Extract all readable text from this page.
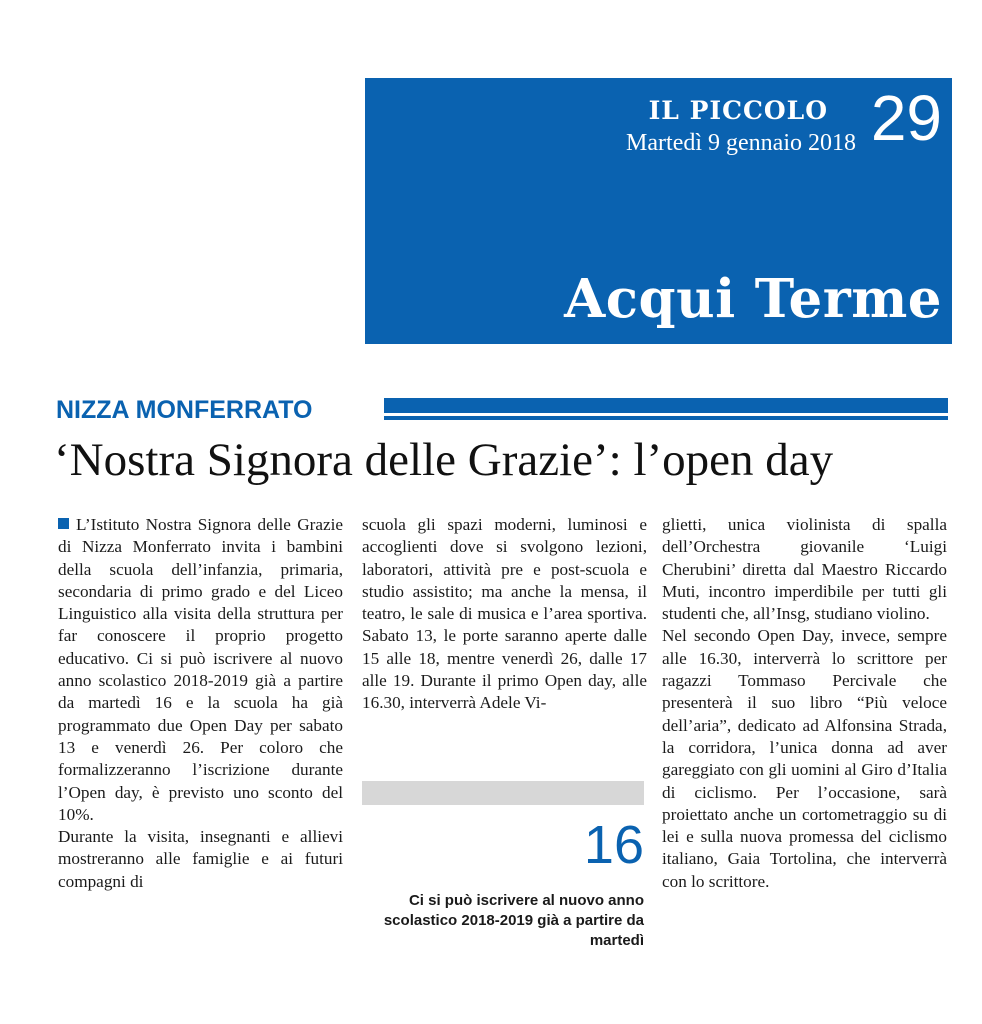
IL PICCOLO
Martedì 9 gennaio 2018 29
Acqui Terme
NIZZA MONFERRATO
‘Nostra Signora delle Grazie’: l’open day

L’Istituto Nostra Signora delle Grazie di Nizza Monferrato invita i bambini della scuola dell’infanzia, primaria, secondaria di primo grado e del Liceo Linguistico alla visita della struttura per far conoscere il proprio progetto educativo. Ci si può iscrivere al nuovo anno scolastico 2018-2019 già a partire da martedì 16 e la scuola ha già programmato due Open Day per sabato 13 e venerdì 26. Per coloro che formalizzeranno l’iscrizione durante l’Open day, è previsto uno sconto del 10%.

Durante la visita, insegnanti e allievi mostreranno alle famiglie e ai futuri compagni di

scuola gli spazi moderni, luminosi e accoglienti dove si svolgono lezioni, laboratori, attività pre e post-scuola e studio assistito; ma anche la mensa, il teatro, le sale di musica e l’area sportiva. Sabato 13, le porte saranno aperte dalle 15 alle 18, mentre venerdì 26, dalle 17 alle 19. Durante il primo Open day, alle 16.30, interverrà Adele Vi-

16
Ci si può iscrivere al nuovo anno scolastico 2018-2019 già a partire da martedì

glietti, unica violinista di spalla dell’Orchestra giovanile ‘Luigi Cherubini’ diretta dal Maestro Riccardo Muti, incontro imperdibile per tutti gli studenti che, all’Insg, studiano violino.

Nel secondo Open Day, invece, sempre alle 16.30, interverrà lo scrittore per ragazzi Tommaso Percivale che presenterà il suo libro “Più veloce dell’aria”, dedicato ad Alfonsina Strada, la corridora, l’unica donna ad aver gareggiato con gli uomini al Giro d’Italia di ciclismo. Per l’occasione, sarà proiettato anche un cortometraggio su di lei e sulla nuova promessa del ciclismo italiano, Gaia Tortolina, che interverrà con lo scrittore.
